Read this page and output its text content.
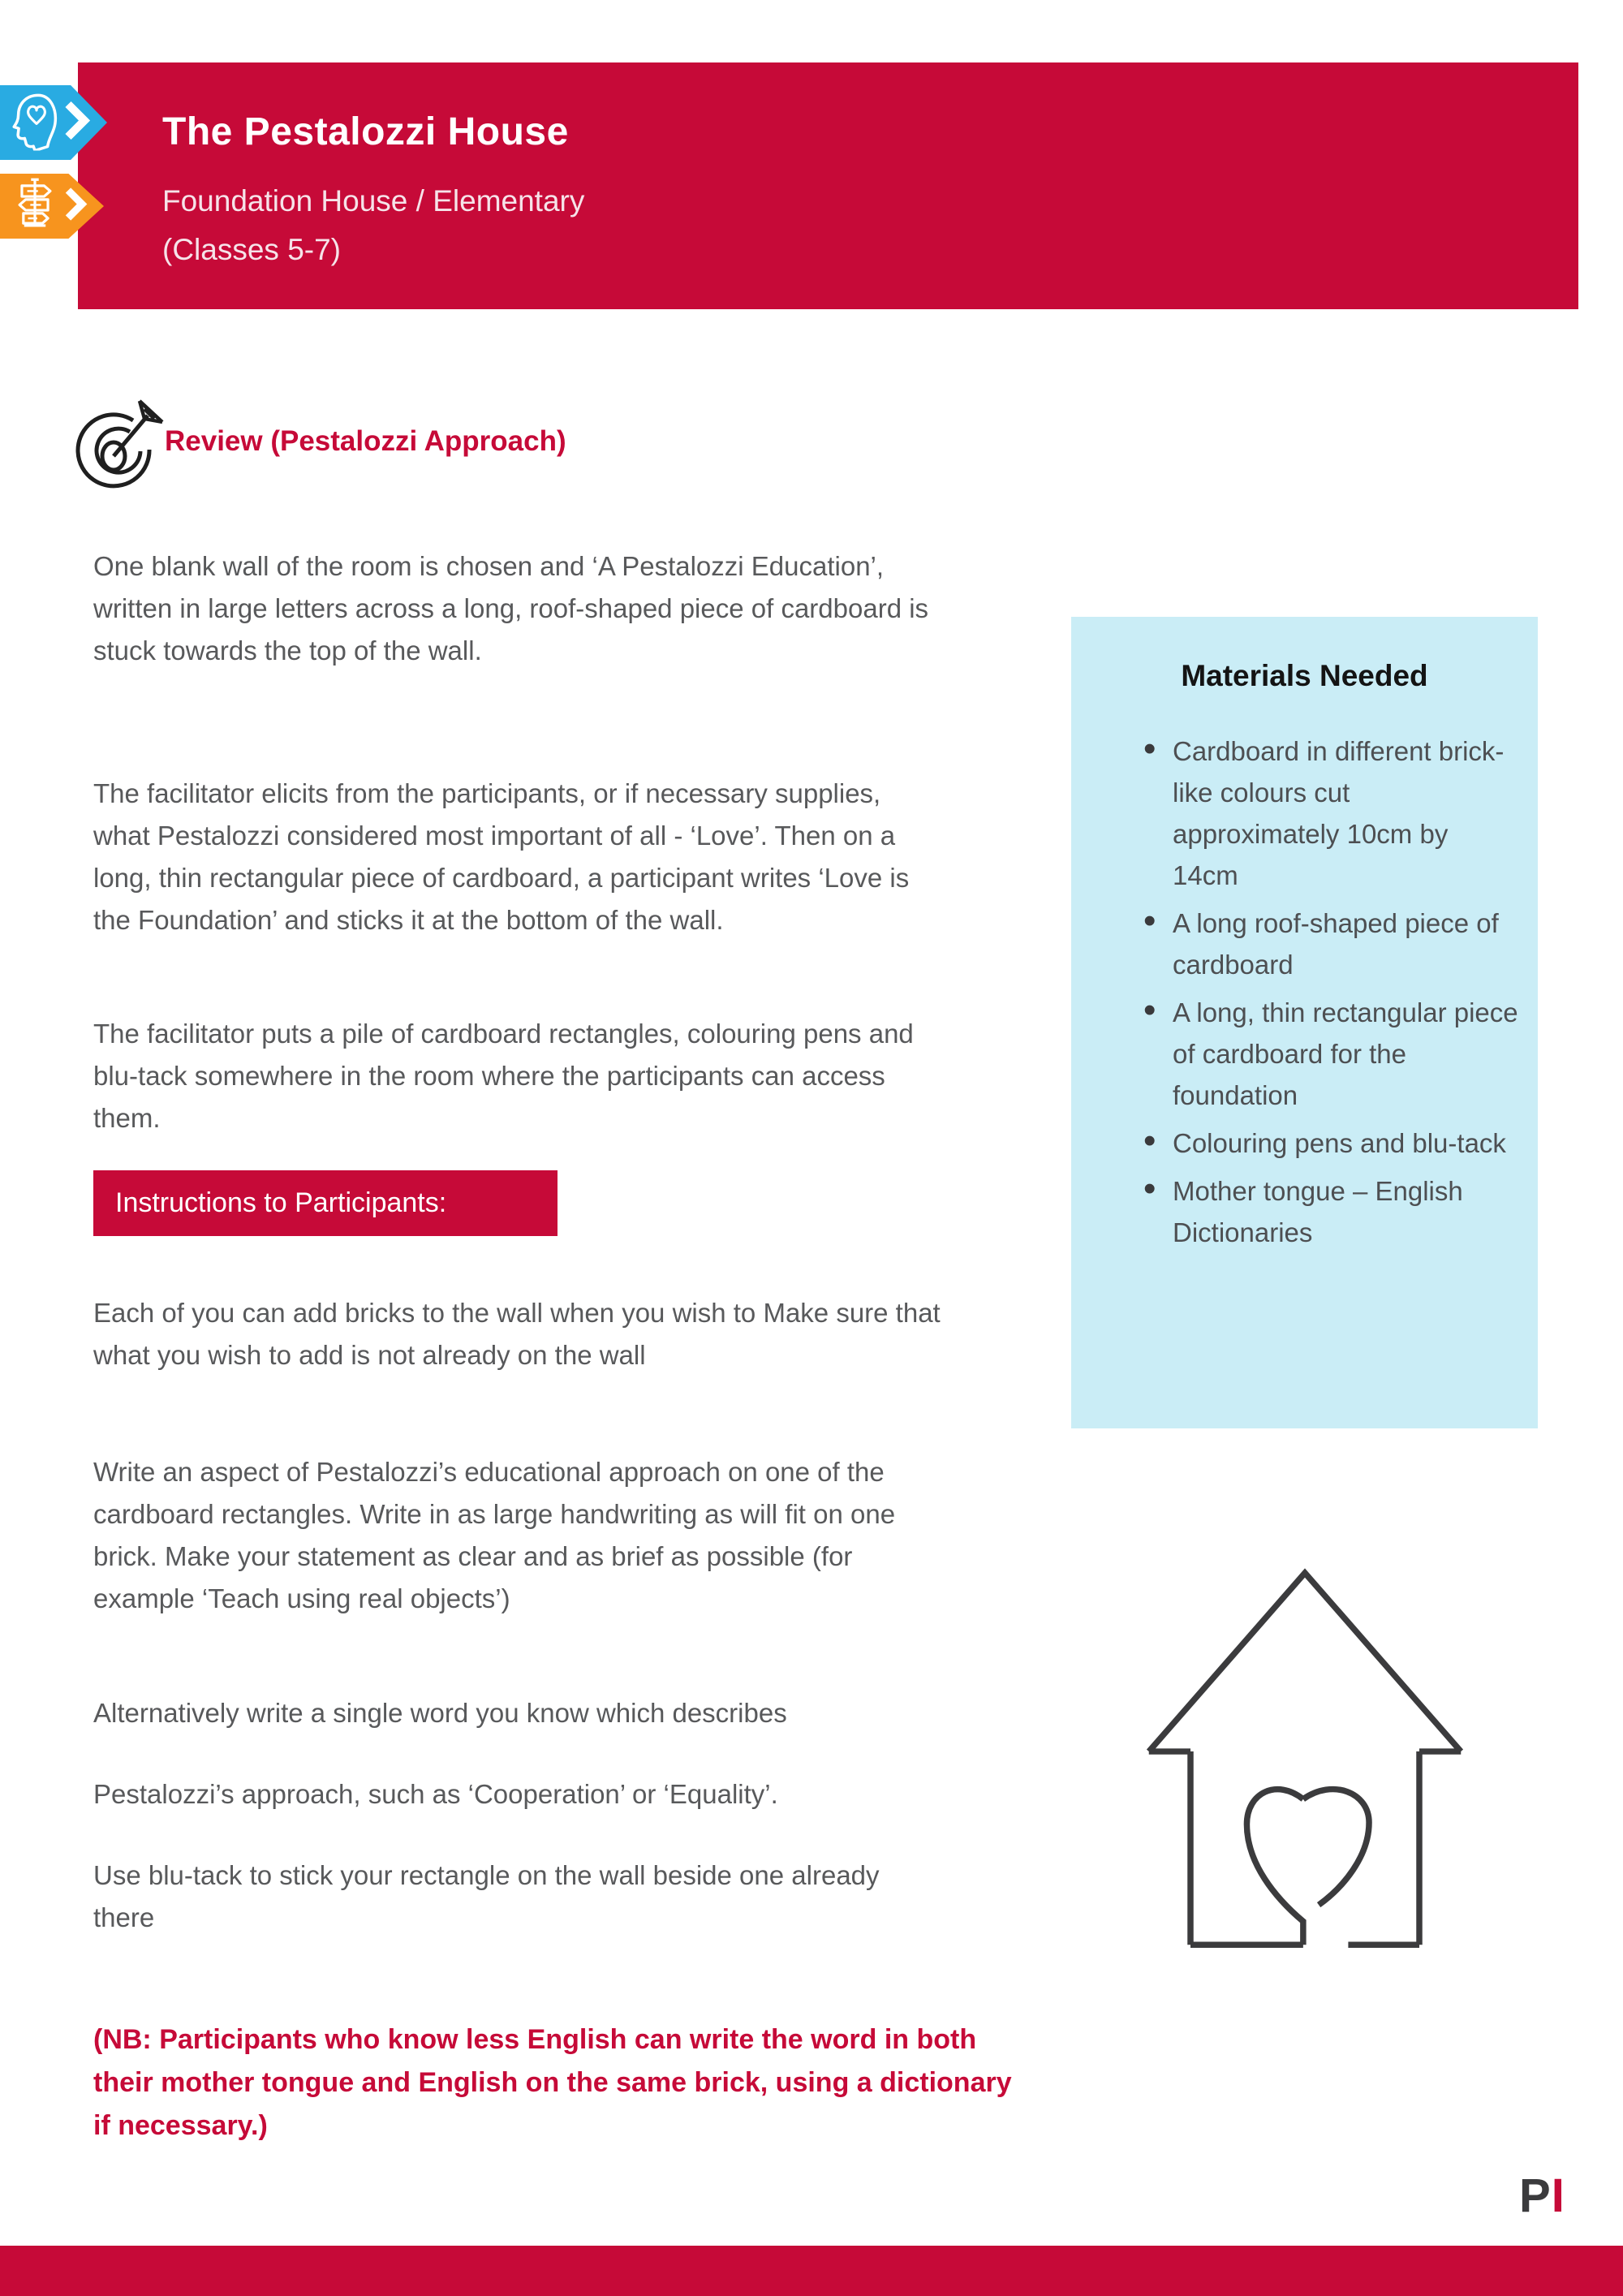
The Pestalozzi House
Foundation House / Elementary
(Classes 5-7)
Review (Pestalozzi Approach)
One blank wall of the room is chosen and ‘A Pestalozzi Education’, written in large letters across a long, roof-shaped piece of cardboard is stuck towards the top of the wall.
The facilitator elicits from the participants, or if necessary supplies, what Pestalozzi considered most important of all - ‘Love’. Then on a long, thin rectangular piece of cardboard, a participant writes ‘Love is the Foundation’ and sticks it at the bottom of the wall.
The facilitator puts a pile of cardboard rectangles, colouring pens and blu-tack somewhere in the room where the participants can access them.
Instructions to Participants:
Each of you can add bricks to the wall when you wish to Make sure that what you wish to add is not already on the wall
Write an aspect of Pestalozzi’s educational approach on one of the cardboard rectangles. Write in as large handwriting as will fit on one brick. Make your statement as clear and as brief as possible (for example ‘Teach using real objects’)
Alternatively write a single word you know which describes
Pestalozzi’s approach, such as ‘Cooperation’ or ‘Equality’.
Use blu-tack to stick your rectangle on the wall beside one already there
(NB: Participants who know less English can write the word in both their mother tongue and English on the same brick, using a dictionary if necessary.)
Materials Needed
• Cardboard in different brick-like colours cut approximately 10cm by 14cm
• A long roof-shaped piece of cardboard
• A long, thin rectangular piece of cardboard for the foundation
• Colouring pens and blu-tack
• Mother tongue – English Dictionaries
PI
